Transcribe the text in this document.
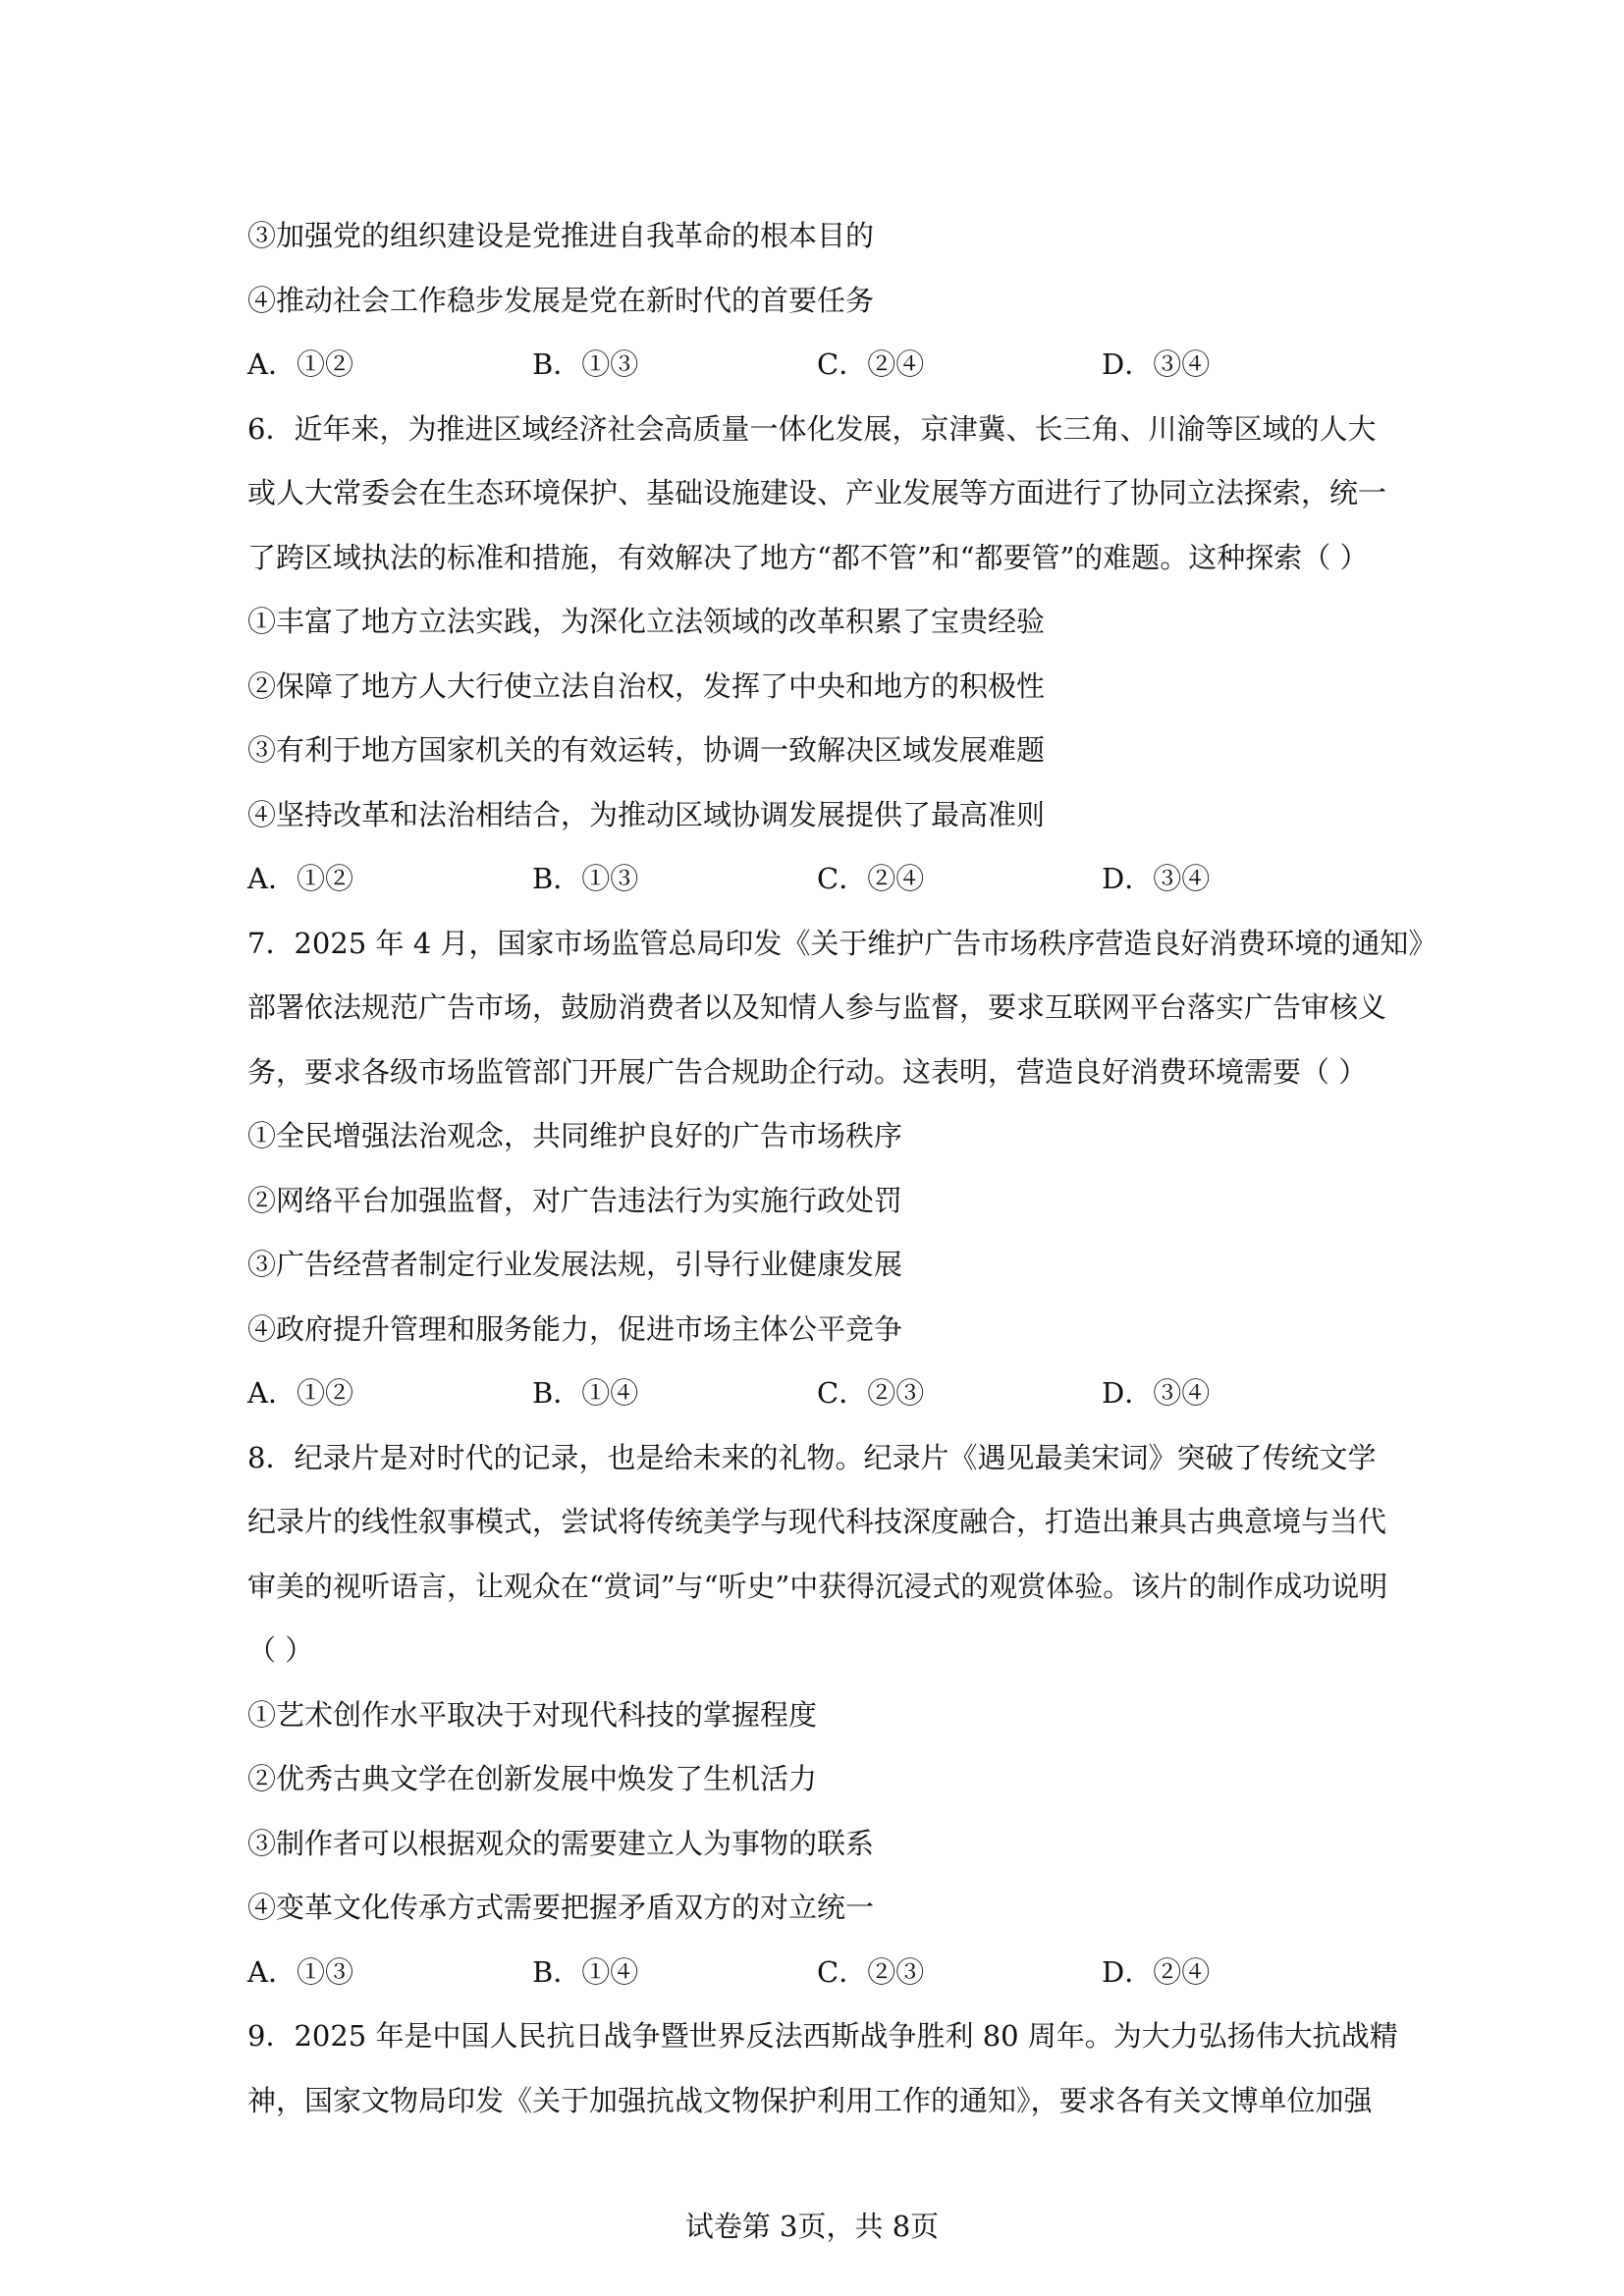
③加强党的组织建设是党推进自我革命的根本目的
④推动社会工作稳步发展是党在新时代的首要任务
A．①②	B．①③	C．②④	D．③④
6．近年来，为推进区域经济社会高质量一体化发展，京津冀、长三角、川渝等区域的人大
或人大常委会在生态环境保护、基础设施建设、产业发展等方面进行了协同立法探索，统一
了跨区域执法的标准和措施，有效解决了地方“都不管”和“都要管”的难题。这种探索（ ）
①丰富了地方立法实践，为深化立法领域的改革积累了宝贵经验
②保障了地方人大行使立法自治权，发挥了中央和地方的积极性
③有利于地方国家机关的有效运转，协调一致解决区域发展难题
④坚持改革和法治相结合，为推动区域协调发展提供了最高准则
A．①②	B．①③	C．②④	D．③④
7．2025 年 4 月，国家市场监管总局印发《关于维护广告市场秩序营造良好消费环境的通知》
部署依法规范广告市场，鼓励消费者以及知情人参与监督，要求互联网平台落实广告审核义
务，要求各级市场监管部门开展广告合规助企行动。这表明，营造良好消费环境需要（ ）
①全民增强法治观念，共同维护良好的广告市场秩序
②网络平台加强监督，对广告违法行为实施行政处罚
③广告经营者制定行业发展法规，引导行业健康发展
④政府提升管理和服务能力，促进市场主体公平竞争
A．①②	B．①④	C．②③	D．③④
8．纪录片是对时代的记录，也是给未来的礼物。纪录片《遇见最美宋词》突破了传统文学
纪录片的线性叙事模式，尝试将传统美学与现代科技深度融合，打造出兼具古典意境与当代
审美的视听语言，让观众在“赏词”与“听史”中获得沉浸式的观赏体验。该片的制作成功说明
（ ）
①艺术创作水平取决于对现代科技的掌握程度
②优秀古典文学在创新发展中焕发了生机活力
③制作者可以根据观众的需要建立人为事物的联系
④变革文化传承方式需要把握矛盾双方的对立统一
A．①③	B．①④	C．②③	D．②④
9．2025 年是中国人民抗日战争暨世界反法西斯战争胜利 80 周年。为大力弘扬伟大抗战精
神，国家文物局印发《关于加强抗战文物保护利用工作的通知》，要求各有关文博单位加强
试卷第 3页，共 8页
